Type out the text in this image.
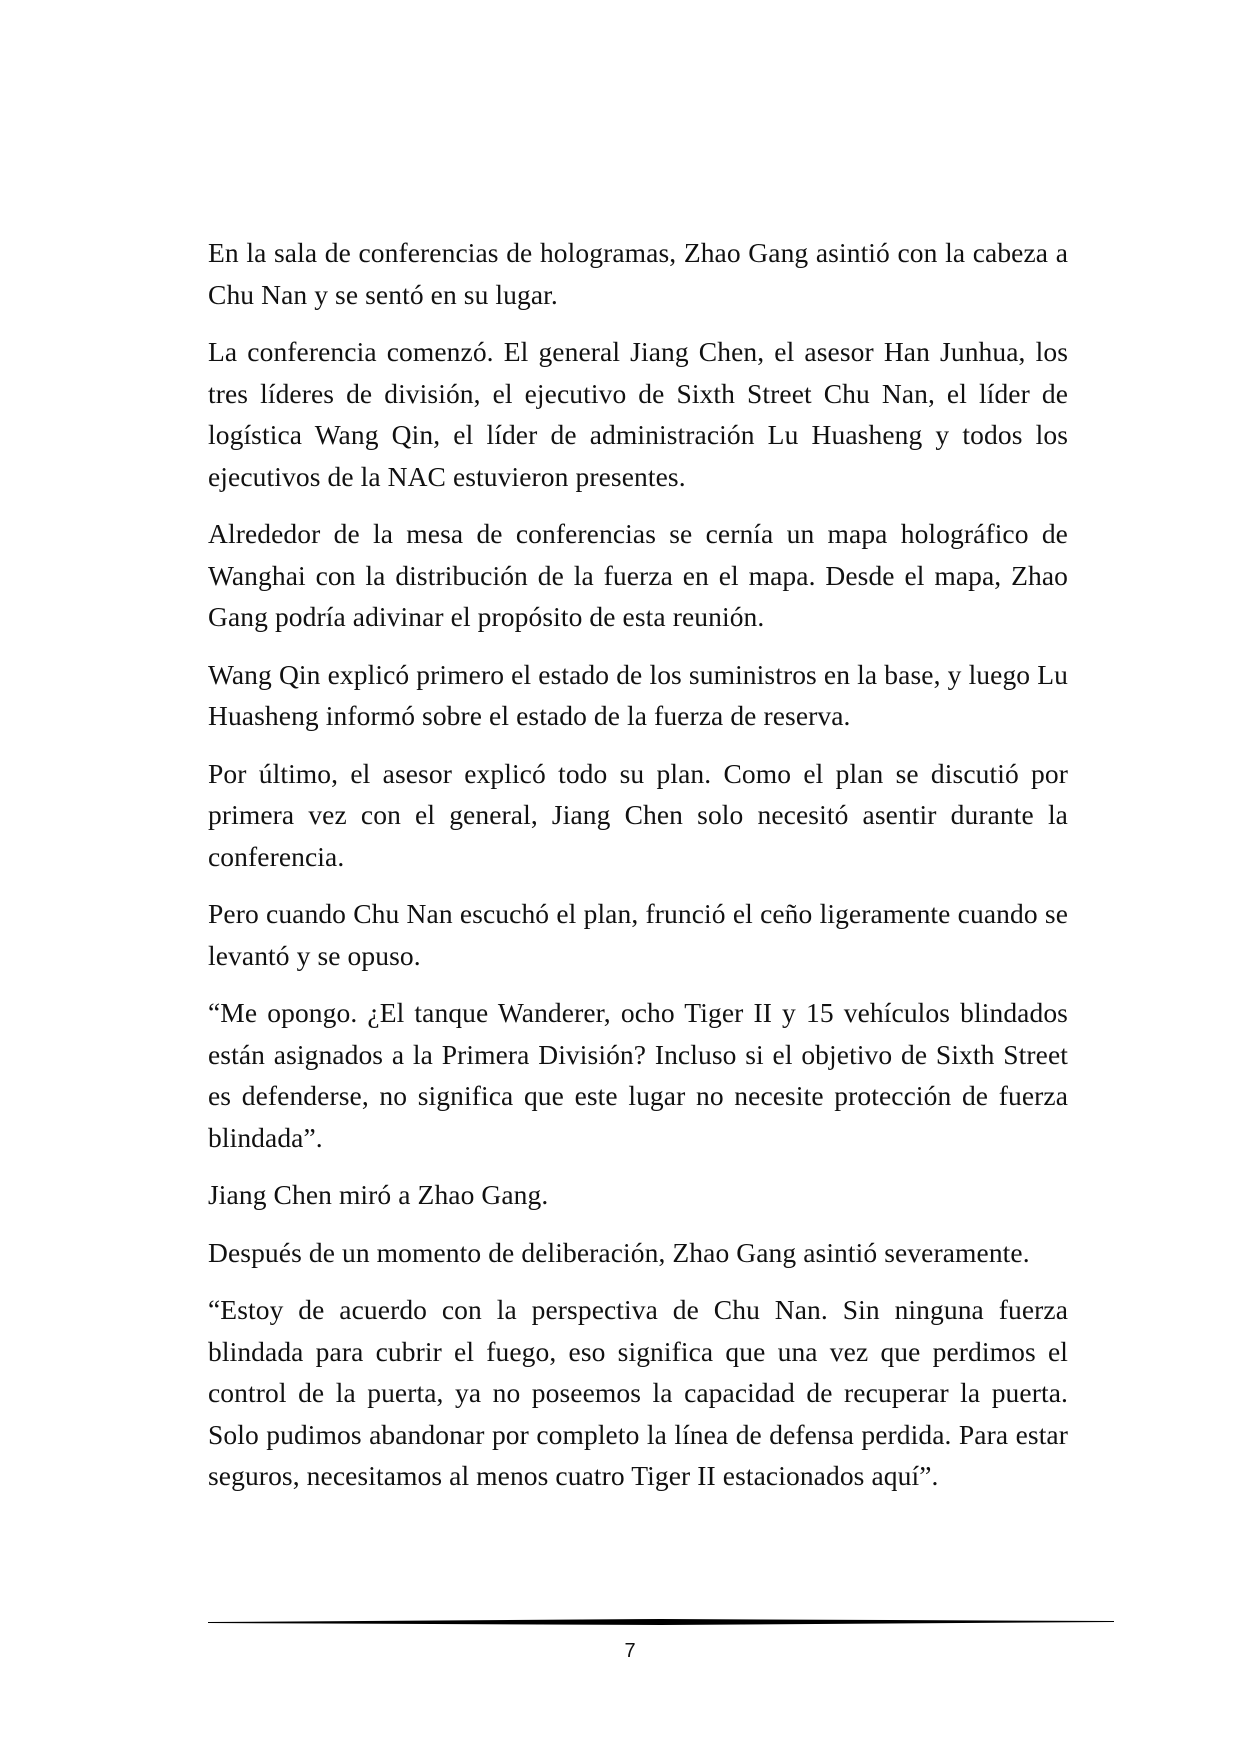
En la sala de conferencias de hologramas, Zhao Gang asintió con la cabeza a Chu Nan y se sentó en su lugar.

La conferencia comenzó. El general Jiang Chen, el asesor Han Junhua, los tres líderes de división, el ejecutivo de Sixth Street Chu Nan, el líder de logística Wang Qin, el líder de administración Lu Huasheng y todos los ejecutivos de la NAC estuvieron presentes.

Alrededor de la mesa de conferencias se cernía un mapa holográfico de Wanghai con la distribución de la fuerza en el mapa. Desde el mapa, Zhao Gang podría adivinar el propósito de esta reunión.

Wang Qin explicó primero el estado de los suministros en la base, y luego Lu Huasheng informó sobre el estado de la fuerza de reserva.

Por último, el asesor explicó todo su plan. Como el plan se discutió por primera vez con el general, Jiang Chen solo necesitó asentir durante la conferencia.

Pero cuando Chu Nan escuchó el plan, frunció el ceño ligeramente cuando se levantó y se opuso.

“Me opongo. ¿El tanque Wanderer, ocho Tiger II y 15 vehículos blindados están asignados a la Primera División? Incluso si el objetivo de Sixth Street es defenderse, no significa que este lugar no necesite protección de fuerza blindada”.

Jiang Chen miró a Zhao Gang.

Después de un momento de deliberación, Zhao Gang asintió severamente.

“Estoy de acuerdo con la perspectiva de Chu Nan. Sin ninguna fuerza blindada para cubrir el fuego, eso significa que una vez que perdimos el control de la puerta, ya no poseemos la capacidad de recuperar la puerta. Solo pudimos abandonar por completo la línea de defensa perdida. Para estar seguros, necesitamos al menos cuatro Tiger II estacionados aquí”.

7
